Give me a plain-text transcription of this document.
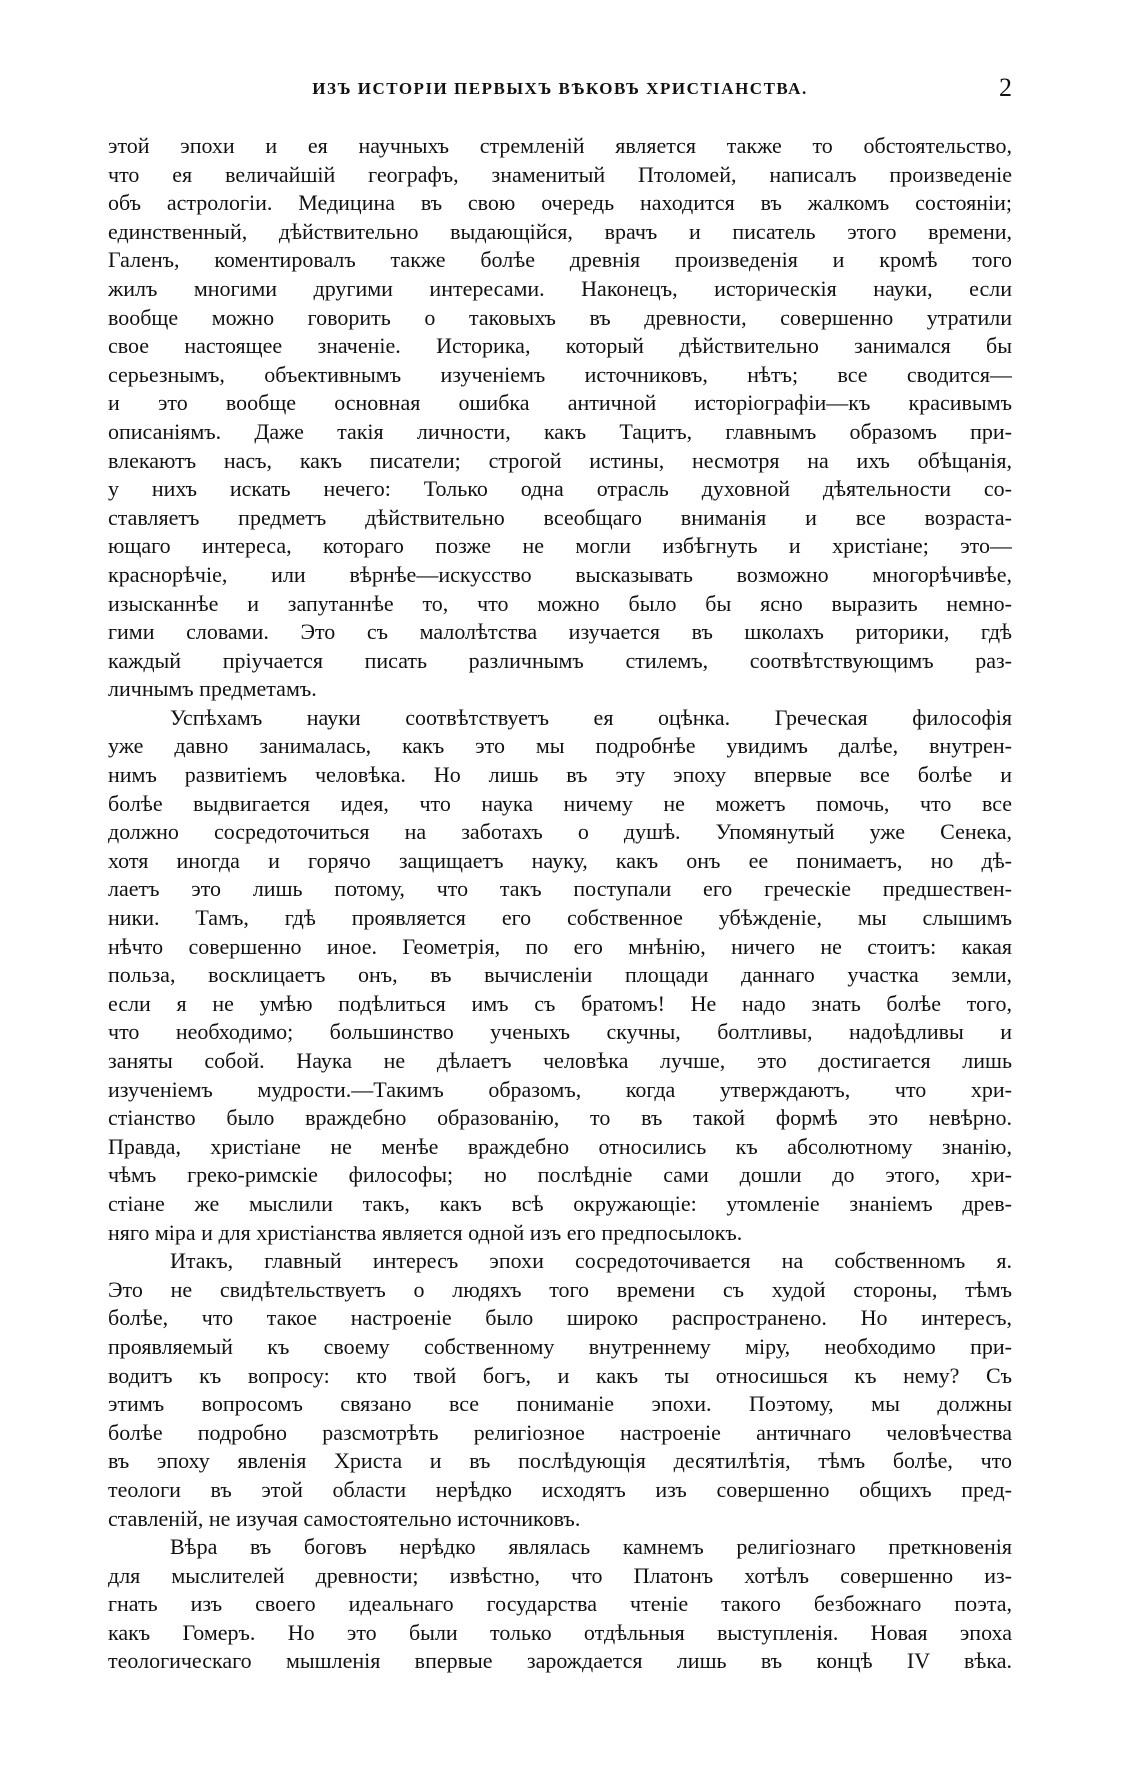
ИЗЪ ИСТОРІИ ПЕРВЫХЪ ВѢКОВЪ ХРИСТІАНСТВА.	2
этой эпохи и ея научныхъ стремленій является также то обстоятельство,
что ея величайшій географъ, знаменитый Птоломей, написалъ произведеніе
объ астрологіи. Медицина въ свою очередь находится въ жалкомъ состояніи;
единственный, дѣйствительно выдающійся, врачъ и писатель этого времени,
Галенъ, коментировалъ также болѣе древнія произведенія и кромѣ того
жилъ многими другими интересами. Наконецъ, историческія науки, если
вообще можно говорить о таковыхъ въ древности, совершенно утратили
свое настоящее значеніе. Историка, который дѣйствительно занимался бы
серьезнымъ, объективнымъ изученіемъ источниковъ, нѣтъ; все сводится—
и это вообще основная ошибка античной исторіографіи—къ красивымъ
описаніямъ. Даже такія личности, какъ Тацитъ, главнымъ образомъ при-
влекаютъ насъ, какъ писатели; строгой истины, несмотря на ихъ обѣщанія,
у нихъ искать нечего: Только одна отрасль духовной дѣятельности со-
ставляетъ предметъ дѣйствительно всеобщаго вниманія и все возраста-
ющаго интереса, котораго позже не могли избѣгнуть и христiане; это—
краснорѣчіе, или вѣрнѣе—искусство высказывать возможно многорѣчивѣе,
изысканнѣе и запутаннѣе то, что можно было бы ясно выразить немно-
гими словами. Это съ малолѣтства изучается въ школахъ риторики, гдѣ
каждый пріучается писать различнымъ стилемъ, соотвѣтствующимъ раз-
личнымъ предметамъ.
Успѣхамъ науки соотвѣтствуетъ ея оцѣнка. Греческая философія
уже давно занималась, какъ это мы подробнѣе увидимъ далѣе, внутрен-
нимъ развитіемъ человѣка. Но лишь въ эту эпоху впервые все болѣе и
болѣе выдвигается идея, что наука ничему не можетъ помочь, что все
должно сосредоточиться на заботахъ о душѣ. Упомянутый уже Сенека,
хотя иногда и горячо защищаетъ науку, какъ онъ ее понимаетъ, но дѣ-
лаетъ это лишь потому, что такъ поступали его греческіе предшествен-
ники. Тамъ, гдѣ проявляется его собственное убѣжденіе, мы слышимъ
нѣчто совершенно иное. Геометрія, по его мнѣнію, ничего не стоитъ: какая
польза, восклицаетъ онъ, въ вычисленіи площади даннаго участка земли,
если я не умѣю подѣлиться имъ съ братомъ! Не надо знать болѣе того,
что необходимо; большинство ученыхъ скучны, болтливы, надоѣдливы и
заняты собой. Наука не дѣлаетъ человѣка лучше, это достигается лишь
изученіемъ мудрости.—Такимъ образомъ, когда утверждаютъ, что хри-
стіанство было враждебно образованію, то въ такой формѣ это невѣрно.
Правда, христiане не менѣе враждебно относились къ абсолютному знанію,
чѣмъ греко-римскіе философы; но послѣдніе сами дошли до этого, хри-
стіане же мыслили такъ, какъ всѣ окружающіе: утомленіе знаніемъ древ-
няго міра и для христiанства является одной изъ его предпосылокъ.
Итакъ, главный интересъ эпохи сосредоточивается на собственномъ я.
Это не свидѣтельствуетъ о людяхъ того времени съ худой стороны, тѣмъ
болѣе, что такое настроеніе было широко распространено. Но интересъ,
проявляемый къ своему собственному внутреннему міру, необходимо при-
водитъ къ вопросу: кто твой богъ, и какъ ты относишься къ нему? Съ
этимъ вопросомъ связано все пониманіе эпохи. Поэтому, мы должны
болѣе подробно разсмотрѣть религіозное настроеніе античнаго человѣчества
въ эпоху явленія Христа и въ послѣдующія десятилѣтія, тѣмъ болѣе, что
теологи въ этой области нерѣдко исходятъ изъ совершенно общихъ пред-
ставленій, не изучая самостоятельно источниковъ.
Вѣра въ боговъ нерѣдко являлась камнемъ религіознаго преткновенія
для мыслителей древности; извѣстно, что Платонъ хотѣлъ совершенно из-
гнать изъ своего идеальнаго государства чтеніе такого безбожнаго поэта,
какъ Гомеръ. Но это были только отдѣльныя выступленія. Новая эпоха
теологическаго мышленія впервые зарождается лишь въ концѣ IV вѣка.
